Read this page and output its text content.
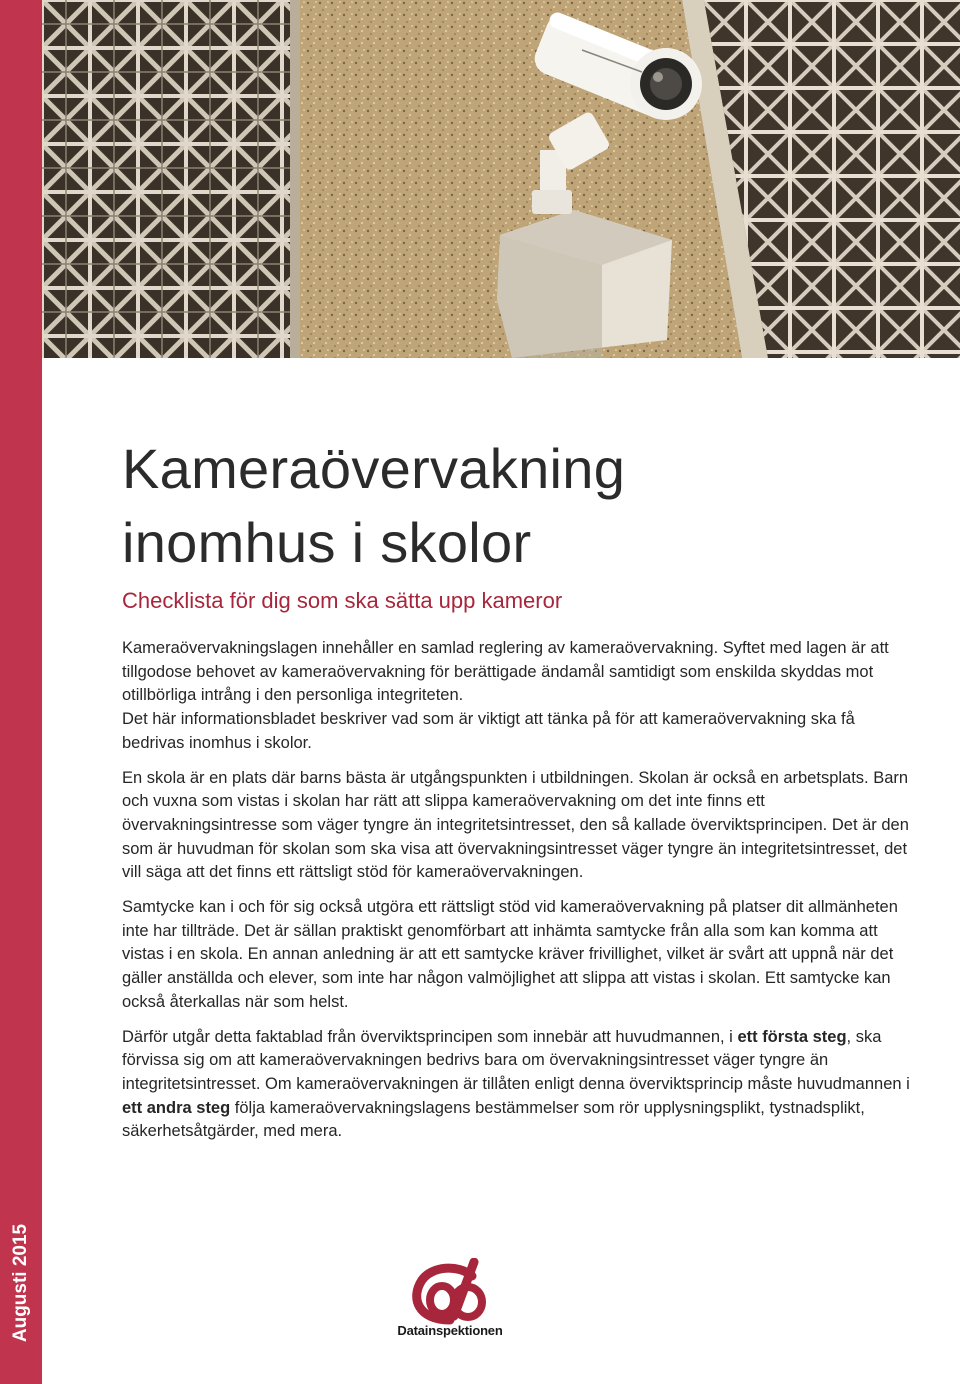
Augusti 2015
Kameraövervakning
inomhus i skolor
Checklista för dig som ska sätta upp kameror

Kameraövervakningslagen innehåller en samlad reglering av kameraövervakning. Syftet med lagen är att tillgodose behovet av kameraövervakning för berättigade ändamål samtidigt som enskilda skyddas mot otillbörliga intrång i den personliga integriteten.

Det här informationsbladet beskriver vad som är viktigt att tänka på för att kameraövervakning ska få bedrivas inomhus i skolor.

En skola är en plats där barns bästa är utgångspunkten i utbildningen. Skolan är också en arbetsplats. Barn och vuxna som vistas i skolan har rätt att slippa kameraövervakning om det inte finns ett övervakningsintresse som väger tyngre än integritetsintresset, den så kallade överviktsprincipen. Det är den som är huvudman för skolan som ska visa att övervakningsintresset väger tyngre än integritetsintresset, det vill säga att det finns ett rättsligt stöd för kameraövervakningen.

Samtycke kan i och för sig också utgöra ett rättsligt stöd vid kameraövervakning på platser dit allmänheten inte har tillträde. Det är sällan praktiskt genomförbart att inhämta samtycke från alla som kan komma att vistas i en skola. En annan anledning är att ett samtycke kräver frivillighet, vilket är svårt att uppnå när det gäller anställda och elever, som inte har någon valmöjlighet att slippa att vistas i skolan. Ett samtycke kan också återkallas när som helst.

Därför utgår detta faktablad från överviktsprincipen som innebär att huvudmannen, i ett första steg, ska förvissa sig om att kameraövervakningen bedrivs bara om övervakningsintresset väger tyngre än integritetsintresset. Om kameraövervakningen är tillåten enligt denna överviktsprincip måste huvudmannen i ett andra steg följa kameraövervakningslagens bestämmelser som rör upplysningsplikt, tystnadsplikt, säkerhetsåtgärder, med mera.

Datainspektionen
